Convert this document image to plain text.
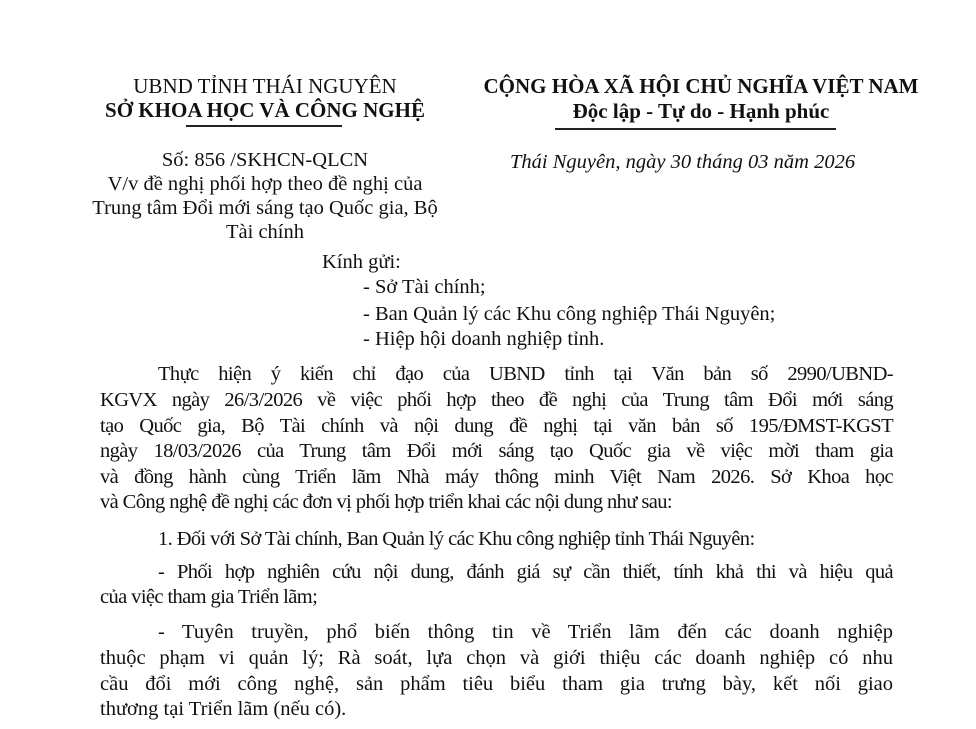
UBND TỈNH THÁI NGUYÊN
SỞ KHOA HỌC VÀ CÔNG NGHỆ
Số: 856 /SKHCN-QLCN
V/v đề nghị phối hợp theo đề nghị của
Trung tâm Đổi mới sáng tạo Quốc gia, Bộ
Tài chính
CỘNG HÒA XÃ HỘI CHỦ NGHĨA VIỆT NAM
Độc lập - Tự do - Hạnh phúc
Thái Nguyên, ngày 30 tháng 03 năm 2026
Kính gửi:
- Sở Tài chính;
- Ban Quản lý các Khu công nghiệp Thái Nguyên;
- Hiệp hội doanh nghiệp tỉnh.
Thực hiện ý kiến chỉ đạo của UBND tỉnh tại Văn bản số 2990/UBND-
KGVX ngày 26/3/2026 về việc phối hợp theo đề nghị của Trung tâm Đổi mới sáng
tạo Quốc gia, Bộ Tài chính và nội dung đề nghị tại văn bản số 195/ĐMST-KGST
ngày 18/03/2026 của Trung tâm Đổi mới sáng tạo Quốc gia về việc mời tham gia
và đồng hành cùng Triển lãm Nhà máy thông minh Việt Nam 2026. Sở Khoa học
và Công nghệ đề nghị các đơn vị phối hợp triển khai các nội dung như sau:
1. Đối với Sở Tài chính, Ban Quản lý các Khu công nghiệp tỉnh Thái Nguyên:
- Phối hợp nghiên cứu nội dung, đánh giá sự cần thiết, tính khả thi và hiệu quả
của việc tham gia Triển lãm;
- Tuyên truyền, phổ biến thông tin về Triển lãm đến các doanh nghiệp
thuộc phạm vi quản lý; Rà soát, lựa chọn và giới thiệu các doanh nghiệp có nhu
cầu đổi mới công nghệ, sản phẩm tiêu biểu tham gia trưng bày, kết nối giao
thương tại Triển lãm (nếu có).
